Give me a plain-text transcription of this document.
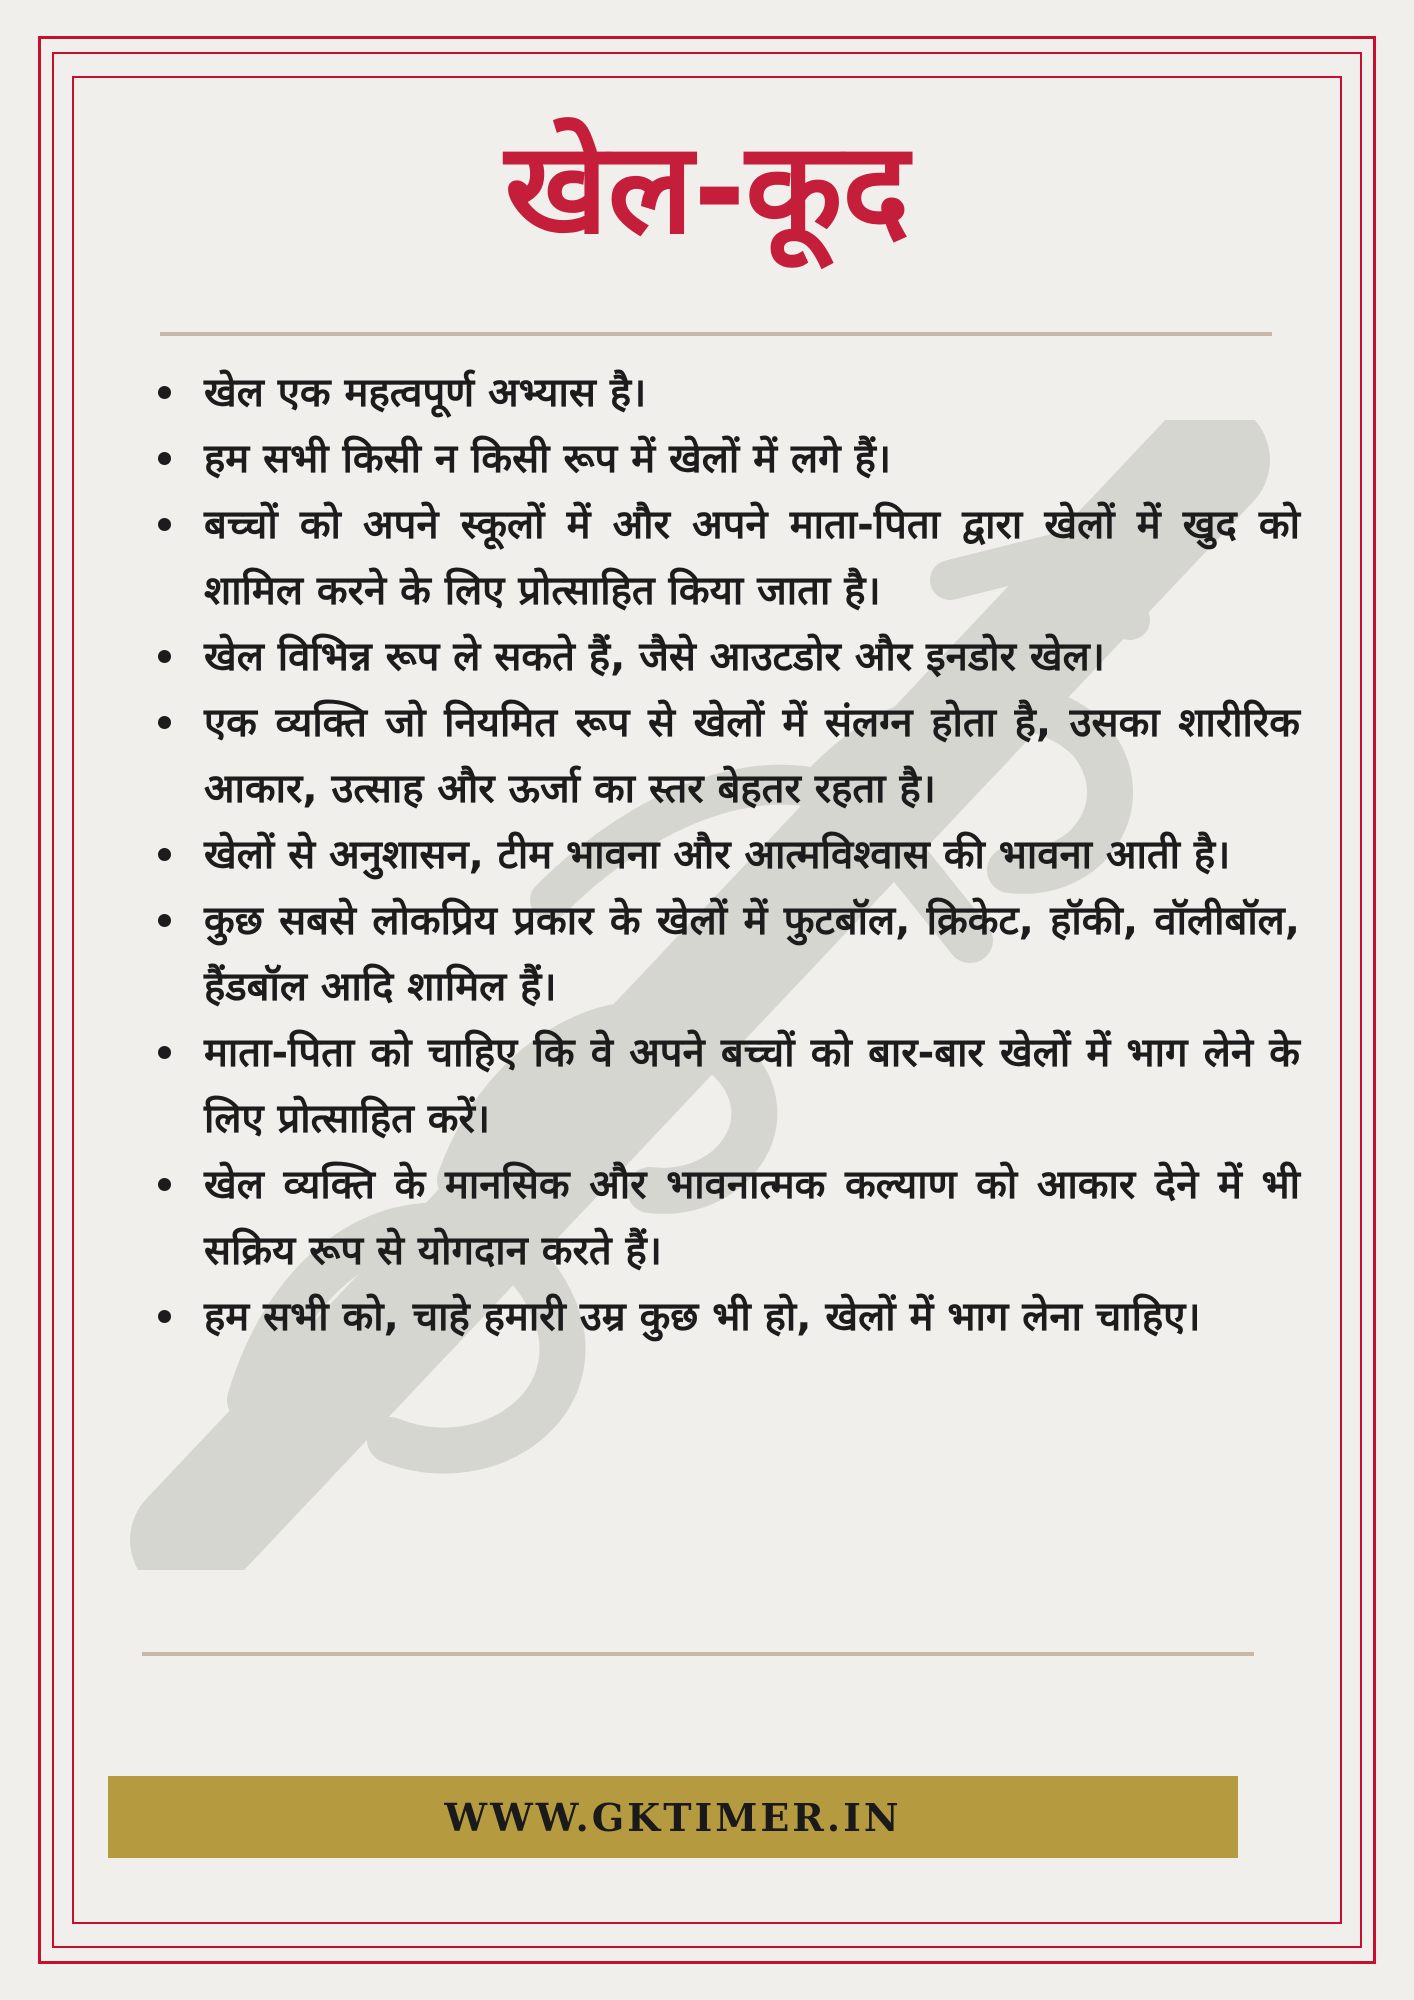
खेल-कूद
खेल एक महत्वपूर्ण अभ्यास है।
हम सभी किसी न किसी रूप में खेलों में लगे हैं।
बच्चों को अपने स्कूलों में और अपने माता-पिता द्वारा खेलों में खुद को शामिल करने के लिए प्रोत्साहित किया जाता है।
खेल विभिन्न रूप ले सकते हैं, जैसे आउटडोर और इनडोर खेल।
एक व्यक्ति जो नियमित रूप से खेलों में संलग्न होता है, उसका शारीरिक आकार, उत्साह और ऊर्जा का स्तर बेहतर रहता है।
खेलों से अनुशासन, टीम भावना और आत्मविश्वास की भावना आती है।
कुछ सबसे लोकप्रिय प्रकार के खेलों में फुटबॉल, क्रिकेट, हॉकी, वॉलीबॉल, हैंडबॉल आदि शामिल हैं।
माता-पिता को चाहिए कि वे अपने बच्चों को बार-बार खेलों में भाग लेने के लिए प्रोत्साहित करें।
खेल व्यक्ति के मानसिक और भावनात्मक कल्याण को आकार देने में भी सक्रिय रूप से योगदान करते हैं।
हम सभी को, चाहे हमारी उम्र कुछ भी हो, खेलों में भाग लेना चाहिए।
WWW.GKTIMER.IN
